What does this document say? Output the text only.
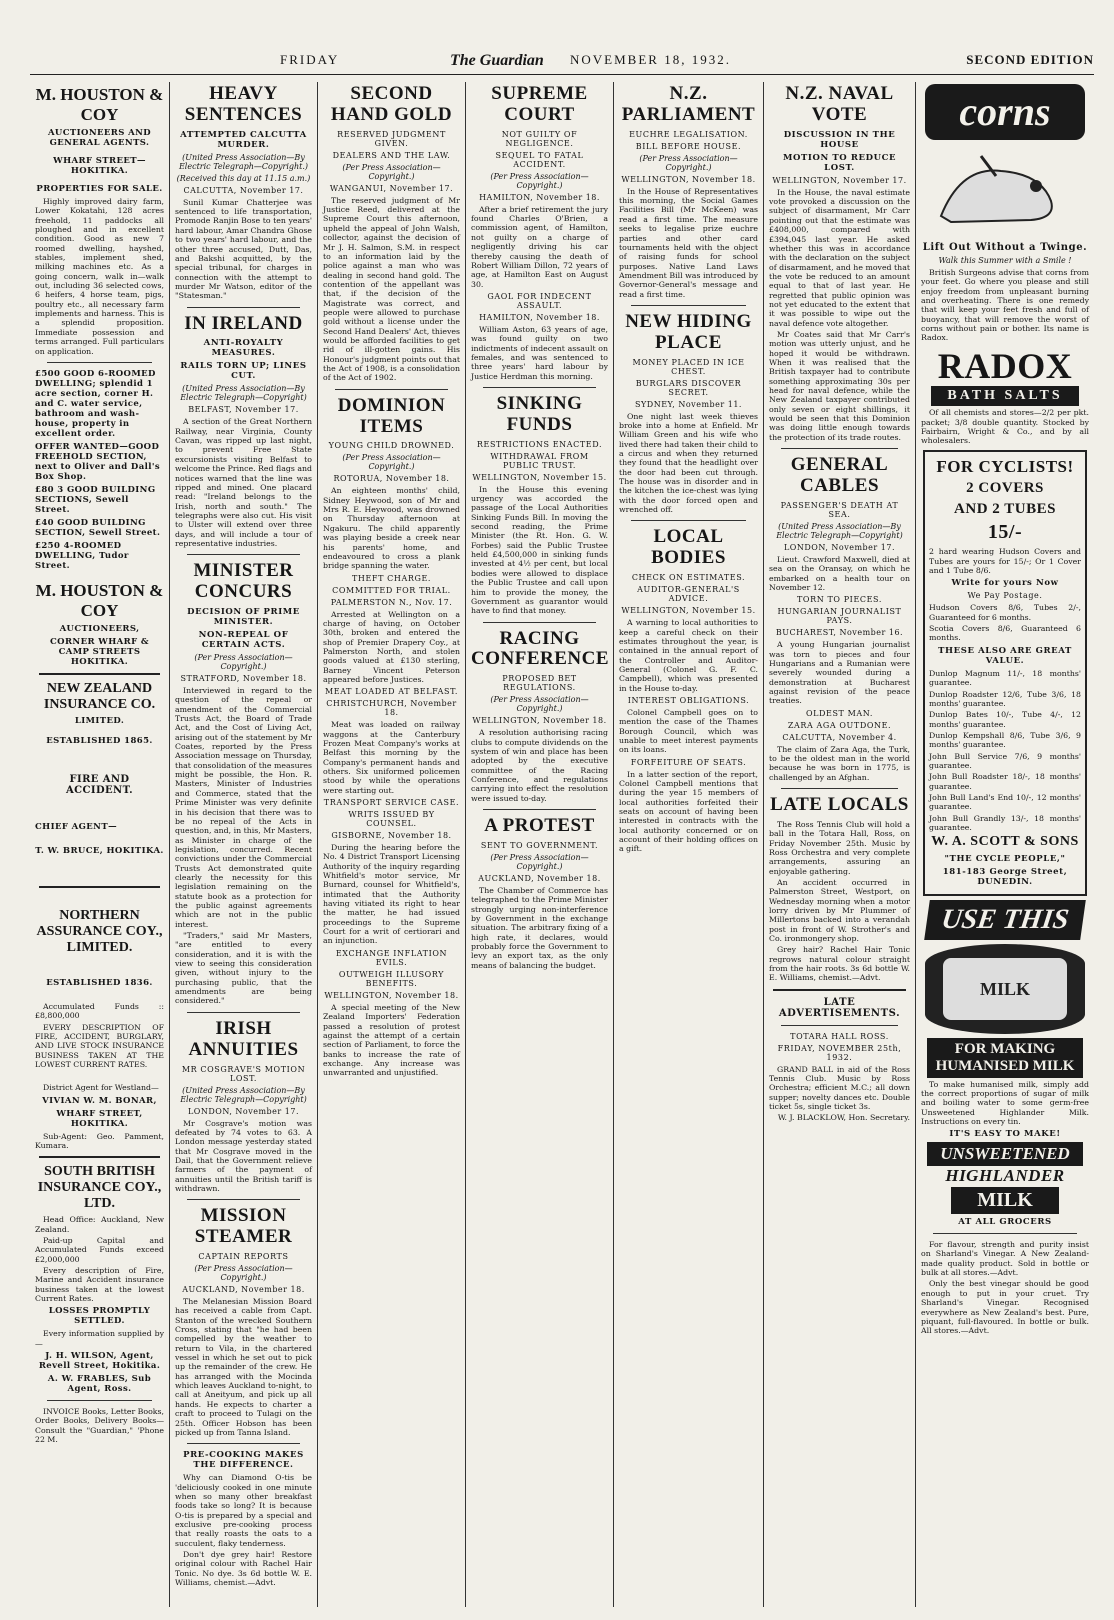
FRIDAY	The Guardian NOVEMBER 18, 1932.	SECOND EDITION
M. HOUSTON & COY
AUCTIONEERS AND GENERAL AGENTS.
WHARF STREET—HOKITIKA.
PROPERTIES FOR SALE.
Highly improved dairy farm, Lower Kokatahi, 128 acres freehold, 11 paddocks all ploughed and in excellent condition. Good as new 7 roomed dwelling, hayshed, stables, implement shed, milking machines etc. As a going concern, walk in—walk out, including 36 selected cows, 6 heifers, 4 horse team, pigs, poultry etc., all necessary farm implements and harness. This is a splendid proposition. Immediate possession and terms arranged. Full particulars on application.
£500 GOOD 6-ROOMED DWELLING; splendid 1 acre section, corner H. and C. water service, bathroom and wash-house, property in excellent order.
OFFER WANTED—GOOD FREEHOLD SECTION, next to Oliver and Dall's Box Shop.
£80 3 GOOD BUILDING SECTIONS, Sewell Street.
£40 GOOD BUILDING SECTION, Sewell Street.
£250 4-ROOMED DWELLING, Tudor Street.
M. HOUSTON & COY
AUCTIONEERS,
CORNER WHARF & CAMP STREETS HOKITIKA.
NEW ZEALAND INSURANCE CO.
LIMITED.
ESTABLISHED 1865.
FIRE AND ACCIDENT.
CHIEF AGENT—
T. W. BRUCE, HOKITIKA.
NORTHERN ASSURANCE COY., LIMITED.
ESTABLISHED 1836.
Accumulated Funds :: £8,800,000
EVERY DESCRIPTION OF FIRE, ACCIDENT, BURGLARY, AND LIVE STOCK INSURANCE BUSINESS TAKEN AT THE LOWEST CURRENT RATES.
District Agent for Westland—
VIVIAN W. M. BONAR,
WHARF STREET, HOKITIKA.
Sub-Agent: Geo. Pamment, Kumara.
SOUTH BRITISH INSURANCE COY., LTD.
Head Office: Auckland, New Zealand.
Paid-up Capital and Accumulated Funds exceed £2,000,000
Every description of Fire, Marine and Accident insurance business taken at the lowest Current Rates.
LOSSES PROMPTLY SETTLED.
Every information supplied by—
J. H. WILSON, Agent, Revell Street, Hokitika.
A. W. FRABLES, Sub Agent, Ross.
INVOICE Books, Letter Books, Order Books, Delivery Books—Consult the "Guardian," 'Phone 22 M.
HEAVY SENTENCES
ATTEMPTED CALCUTTA MURDER.
(United Press Association—By Electric Telegraph—Copyright.)
(Received this day at 11.15 a.m.)
CALCUTTA, November 17.
Sunil Kumar Chatterjee was sentenced to life transportation, Promode Ranjin Bose to ten years' hard labour, Amar Chandra Ghose to two years' hard labour, and the other three accused, Dutt, Das, and Bakshi acquitted, by the special tribunal, for charges in connection with the attempt to murder Mr Watson, editor of the "Statesman."
IN IRELAND
ANTI-ROYALTY MEASURES.
RAILS TORN UP; LINES CUT.
(United Press Association—By Electric Telegraph—Copyright)
BELFAST, November 17.
A section of the Great Northern Railway, near Virginia, County Cavan, was ripped up last night, to prevent Free State excursionists visiting Belfast to welcome the Prince. Red flags and notices warned that the line was ripped and mined. One placard read: "Ireland belongs to the Irish, north and south." The telegraphs were also cut. His visit to Ulster will extend over three days, and will include a tour of representative industries.
MINISTER CONCURS
DECISION OF PRIME MINISTER.
NON-REPEAL OF CERTAIN ACTS.
(Per Press Association—Copyright.)
STRATFORD, November 18.
Interviewed in regard to the question of the repeal or amendment of the Commercial Trusts Act, the Board of Trade Act, and the Cost of Living Act, arising out of the statement by Mr Coates, reported by the Press Association message on Thursday, that consolidation of the measures might be possible, the Hon. R. Masters, Minister of Industries and Commerce, stated that the Prime Minister was very definite in his decision that there was to be no repeal of the Acts in question, and, in this, Mr Masters, as Minister in charge of the legislation, concurred. Recent convictions under the Commercial Trusts Act demonstrated quite clearly the necessity for this legislation remaining on the statute book as a protection for the public against agreements which are not in the public interest.
"Traders," said Mr Masters, "are entitled to every consideration, and it is with the view to seeing this consideration given, without injury to the purchasing public, that the amendments are being considered."
IRISH ANNUITIES
MR COSGRAVE'S MOTION LOST.
(United Press Association—By Electric Telegraph—Copyright)
LONDON, November 17.
Mr Cosgrave's motion was defeated by 74 votes to 63. A London message yesterday stated that Mr Cosgrave moved in the Dail, that the Government relieve farmers of the payment of annuities until the British tariff is withdrawn.
MISSION STEAMER
CAPTAIN REPORTS
(Per Press Association—Copyright.)
AUCKLAND, November 18.
The Melanesian Mission Board has received a cable from Capt. Stanton of the wrecked Southern Cross, stating that "he had been compelled by the weather to return to Vila, in the chartered vessel in which he set out to pick up the remainder of the crew. He has arranged with the Mocinda which leaves Auckland to-night, to call at Aneityum, and pick up all hands. He expects to charter a craft to proceed to Tulagi on the 25th. Officer Hobson has been picked up from Tanna Island.
PRE-COOKING MAKES THE DIFFERENCE.
Why can Diamond O-tis be 'deliciously cooked in one minute when so many other breakfast foods take so long? It is because O-tis is prepared by a special and exclusive pre-cooking process that really roasts the oats to a succulent, flaky tenderness.
Don't dye grey hair! Restore original colour with Rachel Hair Tonic. No dye. 3s 6d bottle W. E. Williams, chemist.—Advt.
SECOND HAND GOLD
RESERVED JUDGMENT GIVEN.
DEALERS AND THE LAW.
(Per Press Association—Copyright.)
WANGANUI, November 17.
The reserved judgment of Mr Justice Reed, delivered at the Supreme Court this afternoon, upheld the appeal of John Walsh, collector, against the decision of Mr J. H. Salmon, S.M. in respect to an information laid by the police against a man who was dealing in second hand gold. The contention of the appellant was that, if the decision of the Magistrate was correct, and people were allowed to purchase gold without a license under the Second Hand Dealers' Act, thieves would be afforded facilities to get rid of ill-gotten gains. His Honour's judgment points out that the Act of 1908, is a consolidation of the Act of 1902.
DOMINION ITEMS
YOUNG CHILD DROWNED.
(Per Press Association—Copyright.)
ROTORUA, November 18.
An eighteen months' child, Sidney Heywood, son of Mr and Mrs R. E. Heywood, was drowned on Thursday afternoon at Ngakuru. The child apparently was playing beside a creek near his parents' home, and endeavoured to cross a plank bridge spanning the water.
THEFT CHARGE.
COMMITTED FOR TRIAL.
PALMERSTON N., Nov. 17.
Arrested at Wellington on a charge of having, on October 30th, broken and entered the shop of Premier Drapery Coy., at Palmerston North, and stolen goods valued at £130 sterling, Barney Vincent Peterson appeared before Justices.
MEAT LOADED AT BELFAST.
CHRISTCHURCH, November 18.
Meat was loaded on railway waggons at the Canterbury Frozen Meat Company's works at Belfast this morning by the Company's permanent hands and others. Six uniformed policemen stood by while the operations were starting out.
TRANSPORT SERVICE CASE.
WRITS ISSUED BY COUNSEL.
GISBORNE, November 18.
During the hearing before the No. 4 District Transport Licensing Authority of the inquiry regarding Whitfield's motor service, Mr Burnard, counsel for Whitfield's, intimated that the Authority having vitiated its right to hear the matter, he had issued proceedings to the Supreme Court for a writ of certiorari and an injunction.
EXCHANGE INFLATION EVILS.
OUTWEIGH ILLUSORY BENEFITS.
WELLINGTON, November 18.
A special meeting of the New Zealand Importers' Federation passed a resolution of protest against the attempt of a certain section of Parliament, to force the banks to increase the rate of exchange. Any increase was unwarranted and unjustified.
SUPREME COURT
NOT GUILTY OF NEGLIGENCE.
SEQUEL TO FATAL ACCIDENT.
(Per Press Association—Copyright.)
HAMILTON, November 18.
After a brief retirement the jury found Charles O'Brien, a commission agent, of Hamilton, not guilty on a charge of negligently driving his car thereby causing the death of Robert William Dillon, 72 years of age, at Hamilton East on August 30.
GAOL FOR INDECENT ASSAULT.
HAMILTON, November 18.
William Aston, 63 years of age, was found guilty on two indictments of indecent assault on females, and was sentenced to three years' hard labour by Justice Herdman this morning.
SINKING FUNDS
RESTRICTIONS ENACTED.
WITHDRAWAL FROM PUBLIC TRUST.
WELLINGTON, November 15.
In the House this evening urgency was accorded the passage of the Local Authorities Sinking Funds Bill. In moving the second reading, the Prime Minister (the Rt. Hon. G. W. Forbes) said the Public Trustee held £4,500,000 in sinking funds invested at 4½ per cent, but local bodies were allowed to displace the Public Trustee and call upon him to provide the money, the Government as guarantor would have to find that money.
RACING CONFERENCE
PROPOSED BET REGULATIONS.
(Per Press Association—Copyright.)
WELLINGTON, November 18.
A resolution authorising racing clubs to compute dividends on the system of win and place has been adopted by the executive committee of the Racing Conference, and regulations carrying into effect the resolution were issued to-day.
A PROTEST
SENT TO GOVERNMENT.
(Per Press Association—Copyright.)
AUCKLAND, November 18.
The Chamber of Commerce has telegraphed to the Prime Minister strongly urging non-interference by Government in the exchange situation. The arbitrary fixing of a high rate, it declares, would probably force the Government to levy an export tax, as the only means of balancing the budget.
N.Z. PARLIAMENT
EUCHRE LEGALISATION.
BILL BEFORE HOUSE.
(Per Press Association—Copyright.)
WELLINGTON, November 18.
In the House of Representatives this morning, the Social Games Facilities Bill (Mr McKeen) was read a first time. The measure seeks to legalise prize euchre parties and other card tournaments held with the object of raising funds for school purposes. Native Land Laws Amendment Bill was introduced by Governor-General's message and read a first time.
NEW HIDING PLACE
MONEY PLACED IN ICE CHEST.
BURGLARS DISCOVER SECRET.
SYDNEY, November 11.
One night last week thieves broke into a home at Enfield. Mr William Green and his wife who lived there had taken their child to a circus and when they returned they found that the headlight over the door had been cut through. The house was in disorder and in the kitchen the ice-chest was lying with the door forced open and wrenched off.
LOCAL BODIES
CHECK ON ESTIMATES.
AUDITOR-GENERAL'S ADVICE.
WELLINGTON, November 15.
A warning to local authorities to keep a careful check on their estimates throughout the year, is contained in the annual report of the Controller and Auditor-General (Colonel G. F. C. Campbell), which was presented in the House to-day.
INTEREST OBLIGATIONS.
Colonel Campbell goes on to mention the case of the Thames Borough Council, which was unable to meet interest payments on its loans.
FORFEITURE OF SEATS.
In a latter section of the report, Colonel Campbell mentions that during the year 15 members of local authorities forfeited their seats on account of having been interested in contracts with the local authority concerned or on account of their holding offices on a gift.
N.Z. NAVAL VOTE
DISCUSSION IN THE HOUSE
MOTION TO REDUCE LOST.
WELLINGTON, November 17.
In the House, the naval estimate vote provoked a discussion on the subject of disarmament, Mr Carr pointing out that the estimate was £408,000, compared with £394,045 last year. He asked whether this was in accordance with the declaration on the subject of disarmament, and he moved that the vote be reduced to an amount equal to that of last year. He regretted that public opinion was not yet educated to the extent that it was possible to wipe out the naval defence vote altogether.
Mr Coates said that Mr Carr's motion was utterly unjust, and he hoped it would be withdrawn. When it was realised that the British taxpayer had to contribute something approximating 30s per head for naval defence, while the New Zealand taxpayer contributed only seven or eight shillings, it would be seen that this Dominion was doing little enough towards the protection of its trade routes.
GENERAL CABLES
PASSENGER'S DEATH AT SEA.
(United Press Association—By Electric Telegraph—Copyright)
LONDON, November 17.
Lieut. Crawford Maxwell, died at sea on the Oransay, on which he embarked on a health tour on November 12.
TORN TO PIECES.
HUNGARIAN JOURNALIST PAYS.
BUCHAREST, November 16.
A young Hungarian journalist was torn to pieces and four Hungarians and a Rumanian were severely wounded during a demonstration at Bucharest against revision of the peace treaties.
OLDEST MAN.
ZARA AGA OUTDONE.
CALCUTTA, November 4.
The claim of Zara Aga, the Turk, to be the oldest man in the world because he was born in 1775, is challenged by an Afghan.
LATE LOCALS
The Ross Tennis Club will hold a ball in the Totara Hall, Ross, on Friday November 25th. Music by Ross Orchestra and very complete arrangements, assuring an enjoyable gathering.
An accident occurred in Palmerston Street, Westport, on Wednesday morning when a motor lorry driven by Mr Plummer of Millertons backed into a verandah post in front of W. Strother's and Co. ironmongery shop.
Grey hair? Rachel Hair Tonic regrows natural colour straight from the hair roots. 3s 6d bottle W. E. Williams, chemist.—Advt.
LATE ADVERTISEMENTS.
TOTARA HALL ROSS.
FRIDAY, NOVEMBER 25th, 1932.
GRAND BALL in aid of the Ross Tennis Club. Music by Ross Orchestra; efficient M.C.; all down supper; novelty dances etc. Double ticket 5s, single ticket 3s.
W. J. BLACKLOW, Hon. Secretary.
corns
Lift Out Without a Twinge.
Walk this Summer with a Smile !
British Surgeons advise that corns from your feet. Go where you please and still enjoy freedom from unpleasant burning and overheating. There is one remedy that will keep your feet fresh and full of buoyancy, that will remove the worst of corns without pain or bother. Its name is Radox.
RADOX
BATH SALTS
Of all chemists and stores—2/2 per pkt. packet; 3/8 double quantity. Stocked by Fairbairn, Wright & Co., and by all wholesalers.
FOR CYCLISTS!
2 COVERS
AND 2 TUBES
15/-
2 hard wearing Hudson Covers and Tubes are yours for 15/-; Or 1 Cover and 1 Tube 8/6.
Write for yours Now
We Pay Postage.
Hudson Covers 8/6, Tubes 2/-, Guaranteed for 6 months.
Scotia Covers 8/6, Guaranteed 6 months.
THESE ALSO ARE GREAT VALUE.
Dunlop Magnum 11/-, 18 months' guarantee.
Dunlop Roadster 12/6, Tube 3/6, 18 months' guarantee.
Dunlop Bates 10/-, Tube 4/-, 12 months' guarantee.
Dunlop Kempshall 8/6, Tube 3/6, 9 months' guarantee.
John Bull Service 7/6, 9 months' guarantee.
John Bull Roadster 18/-, 18 months' guarantee.
John Bull Land's End 10/-, 12 months' guarantee.
John Bull Grandly 13/-, 18 months' guarantee.
W. A. SCOTT & SONS
"THE CYCLE PEOPLE,"
181-183 George Street, DUNEDIN.
USE THIS
MILK
FOR MAKING HUMANISED MILK
To make humanised milk, simply add the correct proportions of sugar of milk and boiling water to some germ-free Unsweetened Highlander Milk. Instructions on every tin.
IT'S EASY TO MAKE!
UNSWEETENED
HIGHLANDER
MILK
AT ALL GROCERS
For flavour, strength and purity insist on Sharland's Vinegar. A New Zealand-made quality product. Sold in bottle or bulk at all stores.—Advt.
Only the best vinegar should be good enough to put in your cruet. Try Sharland's Vinegar. Recognised everywhere as New Zealand's best. Pure, piquant, full-flavoured. In bottle or bulk. All stores.—Advt.
